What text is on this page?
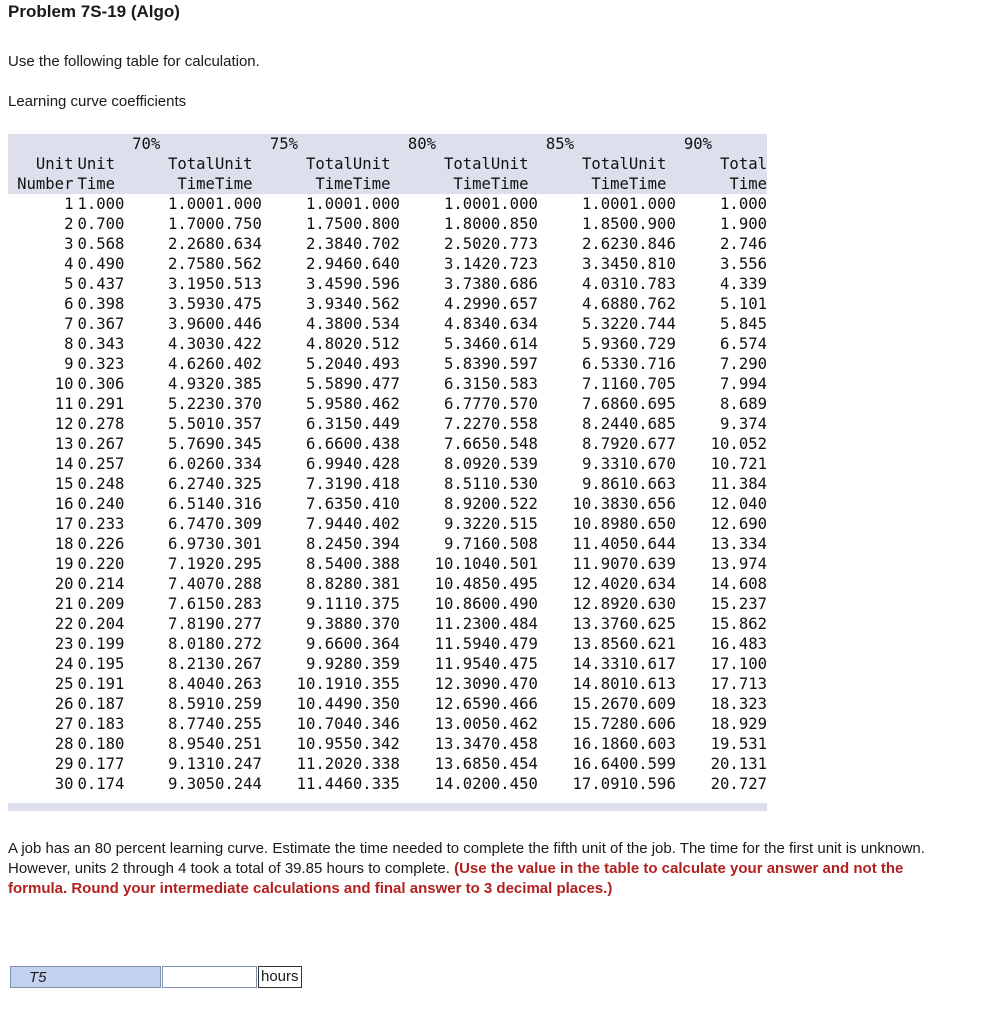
Problem 7S-19 (Algo)
Use the following table for calculation.
Learning curve coefficients
	70%		75%		80%		85%		90%	
Unit	Unit	Total	Unit	Total	Unit	Total	Unit	Total	Unit	Total
Number	Time	Time	Time	Time	Time	Time	Time	Time	Time	Time
1	1.000	1.000	1.000	1.000	1.000	1.000	1.000	1.000	1.000	1.000
2	0.700	1.700	0.750	1.750	0.800	1.800	0.850	1.850	0.900	1.900
3	0.568	2.268	0.634	2.384	0.702	2.502	0.773	2.623	0.846	2.746
4	0.490	2.758	0.562	2.946	0.640	3.142	0.723	3.345	0.810	3.556
5	0.437	3.195	0.513	3.459	0.596	3.738	0.686	4.031	0.783	4.339
6	0.398	3.593	0.475	3.934	0.562	4.299	0.657	4.688	0.762	5.101
7	0.367	3.960	0.446	4.380	0.534	4.834	0.634	5.322	0.744	5.845
8	0.343	4.303	0.422	4.802	0.512	5.346	0.614	5.936	0.729	6.574
9	0.323	4.626	0.402	5.204	0.493	5.839	0.597	6.533	0.716	7.290
10	0.306	4.932	0.385	5.589	0.477	6.315	0.583	7.116	0.705	7.994
11	0.291	5.223	0.370	5.958	0.462	6.777	0.570	7.686	0.695	8.689
12	0.278	5.501	0.357	6.315	0.449	7.227	0.558	8.244	0.685	9.374
13	0.267	5.769	0.345	6.660	0.438	7.665	0.548	8.792	0.677	10.052
14	0.257	6.026	0.334	6.994	0.428	8.092	0.539	9.331	0.670	10.721
15	0.248	6.274	0.325	7.319	0.418	8.511	0.530	9.861	0.663	11.384
16	0.240	6.514	0.316	7.635	0.410	8.920	0.522	10.383	0.656	12.040
17	0.233	6.747	0.309	7.944	0.402	9.322	0.515	10.898	0.650	12.690
18	0.226	6.973	0.301	8.245	0.394	9.716	0.508	11.405	0.644	13.334
19	0.220	7.192	0.295	8.540	0.388	10.104	0.501	11.907	0.639	13.974
20	0.214	7.407	0.288	8.828	0.381	10.485	0.495	12.402	0.634	14.608
21	0.209	7.615	0.283	9.111	0.375	10.860	0.490	12.892	0.630	15.237
22	0.204	7.819	0.277	9.388	0.370	11.230	0.484	13.376	0.625	15.862
23	0.199	8.018	0.272	9.660	0.364	11.594	0.479	13.856	0.621	16.483
24	0.195	8.213	0.267	9.928	0.359	11.954	0.475	14.331	0.617	17.100
25	0.191	8.404	0.263	10.191	0.355	12.309	0.470	14.801	0.613	17.713
26	0.187	8.591	0.259	10.449	0.350	12.659	0.466	15.267	0.609	18.323
27	0.183	8.774	0.255	10.704	0.346	13.005	0.462	15.728	0.606	18.929
28	0.180	8.954	0.251	10.955	0.342	13.347	0.458	16.186	0.603	19.531
29	0.177	9.131	0.247	11.202	0.338	13.685	0.454	16.640	0.599	20.131
30	0.174	9.305	0.244	11.446	0.335	14.020	0.450	17.091	0.596	20.727
A job has an 80 percent learning curve. Estimate the time needed to complete the fifth unit of the job. The time for the first unit is unknown. However, units 2 through 4 took a total of 39.85 hours to complete. (Use the value in the table to calculate your answer and not the formula. Round your intermediate calculations and final answer to 3 decimal places.)
T5	hours
